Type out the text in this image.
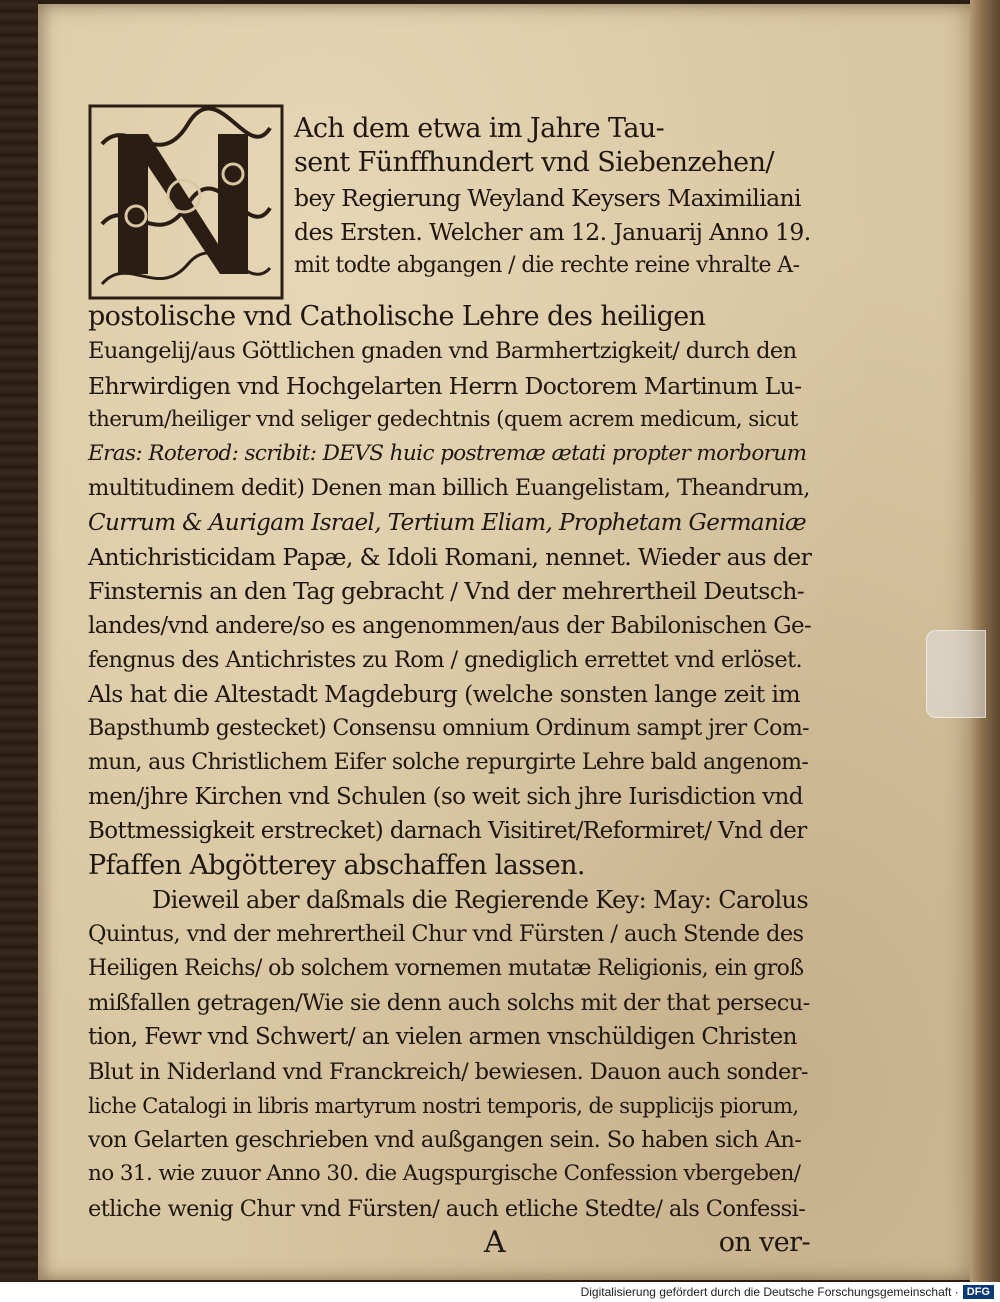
Ach dem etwa im Jahre Tau-
sent Fünffhundert vnd Siebenzehen/
bey Regierung Weyland Keysers Maximiliani
des Ersten. Welcher am 12. Januarij Anno 19.
mit todte abgangen / die rechte reine vhralte A-
postolische vnd Catholische Lehre des heiligen
Euangelij/aus Göttlichen gnaden vnd Barmhertzigkeit/ durch den
Ehrwirdigen vnd Hochgelarten Herrn Doctorem Martinum Lu-
therum/heiliger vnd seliger gedechtnis (quem acrem medicum, sicut
Eras: Roterod: scribit: DEVS huic postremæ ætati propter morborum
multitudinem dedit) Denen man billich Euangelistam, Theandrum,
Currum & Aurigam Israel, Tertium Eliam, Prophetam Germaniæ
Antichristicidam Papæ, & Idoli Romani, nennet. Wieder aus der
Finsternis an den Tag gebracht / Vnd der mehrertheil Deutsch-
landes/vnd andere/so es angenommen/aus der Babilonischen Ge-
fengnus des Antichristes zu Rom / gnediglich errettet vnd erlöset.
Als hat die Altestadt Magdeburg (welche sonsten lange zeit im
Bapsthumb gestecket) Consensu omnium Ordinum sampt jrer Com-
mun, aus Christlichem Eifer solche repurgirte Lehre bald angenom-
men/jhre Kirchen vnd Schulen (so weit sich jhre Iurisdiction vnd
Bottmessigkeit erstrecket) darnach Visitiret/Reformiret/ Vnd der
Pfaffen Abgötterey abschaffen lassen.
Dieweil aber daßmals die Regierende Key: May: Carolus
Quintus, vnd der mehrertheil Chur vnd Fürsten / auch Stende des
Heiligen Reichs/ ob solchem vornemen mutatæ Religionis, ein groß
mißfallen getragen/Wie sie denn auch solchs mit der that persecu-
tion, Fewr vnd Schwert/ an vielen armen vnschüldigen Christen
Blut in Niderland vnd Franckreich/ bewiesen. Dauon auch sonder-
liche Catalogi in libris martyrum nostri temporis, de supplicijs piorum,
von Gelarten geschrieben vnd außgangen sein. So haben sich An-
no 31. wie zuuor Anno 30. die Augspurgische Confession vbergeben/
etliche wenig Chur vnd Fürsten/ auch etliche Stedte/ als Confessi-
A	on ver-
Digitalisierung gefördert durch die Deutsche Forschungsgemeinschaft · DFG
